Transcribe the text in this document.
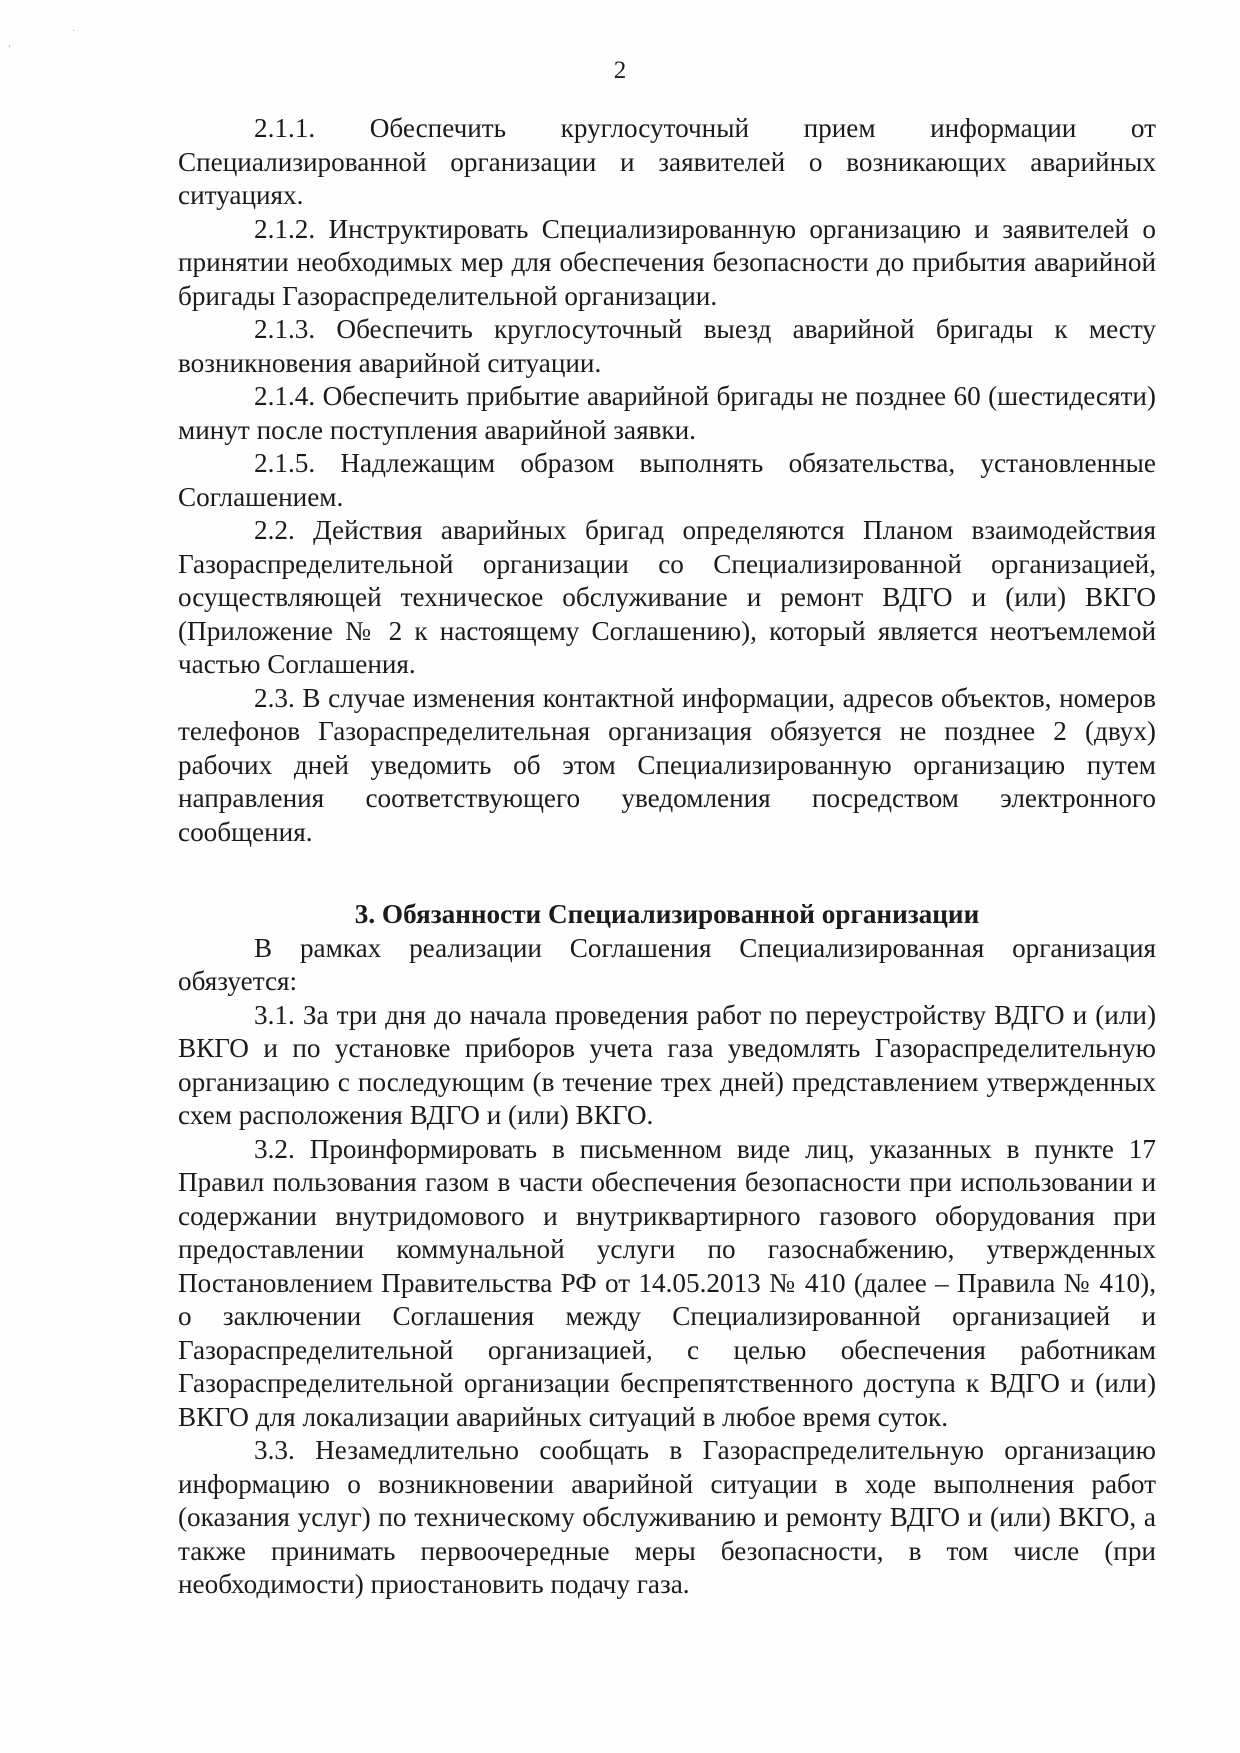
‘
·
2

2.1.1. Обеспечить круглосуточный прием информации от Специализированной организации и заявителей о возникающих аварийных ситуациях.

2.1.2. Инструктировать Специализированную организацию и заявителей о принятии необходимых мер для обеспечения безопасности до прибытия аварийной бригады Газораспределительной организации.

2.1.3. Обеспечить круглосуточный выезд аварийной бригады к месту возникновения аварийной ситуации.

2.1.4. Обеспечить прибытие аварийной бригады не позднее 60 (шестидесяти) минут после поступления аварийной заявки.

2.1.5. Надлежащим образом выполнять обязательства, установленные Соглашением.

2.2. Действия аварийных бригад определяются Планом взаимодействия Газораспределительной организации со Специализированной организацией, осуществляющей техническое обслуживание и ремонт ВДГО и (или) ВКГО (Приложение № 2 к настоящему Соглашению), который является неотъемлемой частью Соглашения.

2.3. В случае изменения контактной информации, адресов объектов, номеров телефонов Газораспределительная организация обязуется не позднее 2 (двух) рабочих дней уведомить об этом Специализированную организацию путем направления соответствующего уведомления посредством электронного сообщения.

3. Обязанности Специализированной организации

В рамках реализации Соглашения Специализированная организация обязуется:

3.1. За три дня до начала проведения работ по переустройству ВДГО и (или) ВКГО и по установке приборов учета газа уведомлять Газораспределительную организацию с последующим (в течение трех дней) представлением утвержденных схем расположения ВДГО и (или) ВКГО.

3.2. Проинформировать в письменном виде лиц, указанных в пункте 17 Правил пользования газом в части обеспечения безопасности при использовании и содержании внутридомового и внутриквартирного газового оборудования при предоставлении коммунальной услуги по газоснабжению, утвержденных Постановлением Правительства РФ от 14.05.2013 № 410 (далее – Правила № 410), о заключении Соглашения между Специализированной организацией и Газораспределительной организацией, с целью обеспечения работникам Газораспределительной организации беспрепятственного доступа к ВДГО и (или) ВКГО для локализации аварийных ситуаций в любое время суток.

3.3. Незамедлительно сообщать в Газораспределительную организацию информацию о возникновении аварийной ситуации в ходе выполнения работ (оказания услуг) по техническому обслуживанию и ремонту ВДГО и (или) ВКГО, а также принимать первоочередные меры безопасности, в том числе (при необходимости) приостановить подачу газа.
